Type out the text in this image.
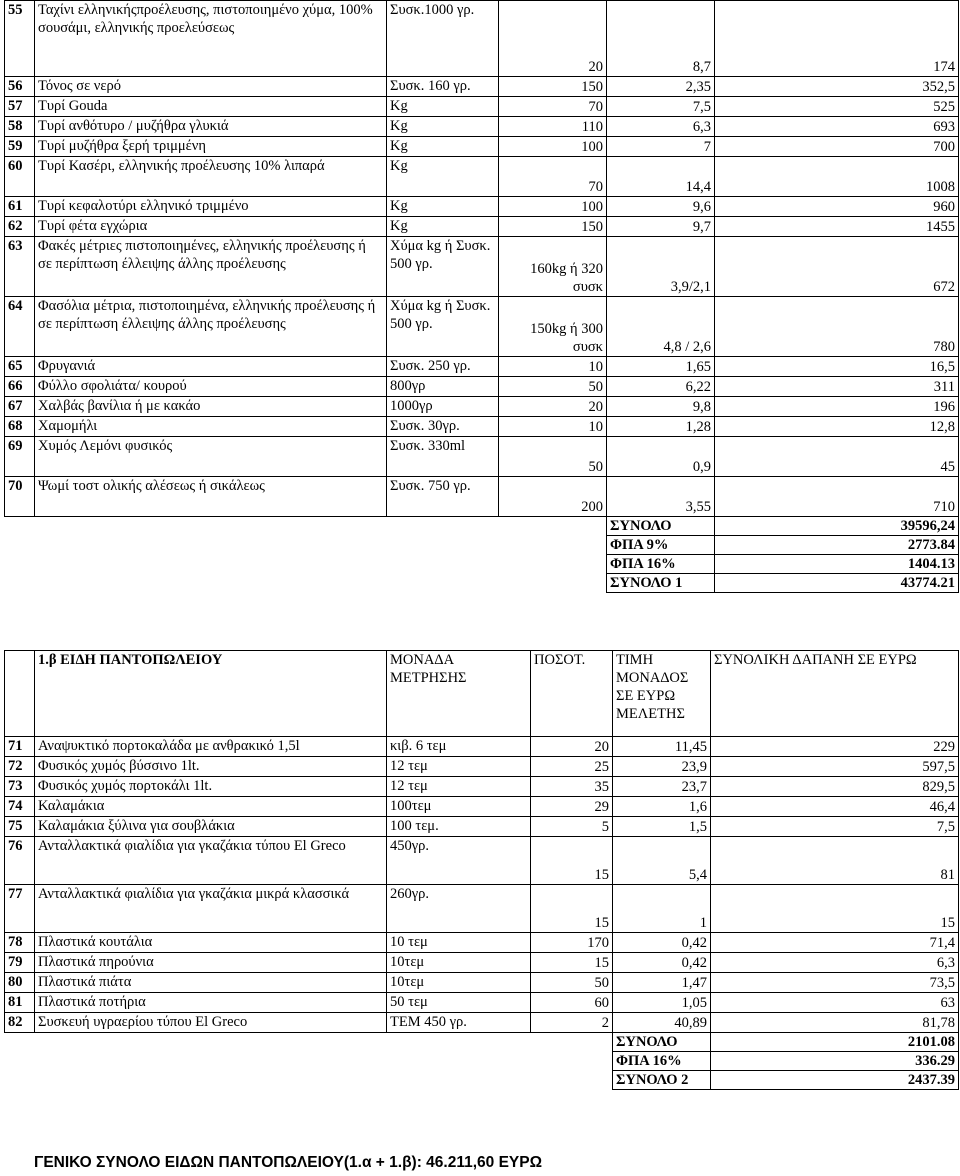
55	Ταχίνι ελληνικήςπροέλευσης, πιστοποιημένο χύμα, 100% σουσάμι, ελληνικής προελεύσεως	Συσκ.1000 γρ.	20	8,7	174
56	Τόνος σε νερό	Συσκ. 160 γρ.	150	2,35	352,5
57	Τυρί Gouda	Κg	70	7,5	525
58	Τυρί ανθότυρο / μυζήθρα γλυκιά	Κg	110	6,3	693
59	Τυρί μυζήθρα ξερή τριμμένη	Κg	100	7	700
60	Τυρί Κασέρι, ελληνικής προέλευσης 10% λιπαρά	Κg	70	14,4	1008
61	Τυρί κεφαλοτύρι ελληνικό τριμμένο	Κg	100	9,6	960
62	Τυρί φέτα εγχώρια	Κg	150	9,7	1455
63	Φακές μέτριες πιστοποιημένες, ελληνικής προέλευσης ή σε περίπτωση έλλειψης άλλης προέλευσης	Χύμα kg ή Συσκ. 500 γρ.	160kg ή 320 συσκ	3,9/2,1	672
64	Φασόλια μέτρια, πιστοποιημένα, ελληνικής προέλευσης ή σε περίπτωση έλλειψης άλλης προέλευσης	Χύμα kg ή Συσκ. 500 γρ.	150kg ή 300 συσκ	4,8 / 2,6	780
65	Φρυγανιά	Συσκ. 250 γρ.	10	1,65	16,5
66	Φύλλο σφολιάτα/ κουρού	800γρ	50	6,22	311
67	Χαλβάς βανίλια ή με κακάο	1000γρ	20	9,8	196
68	Χαμομήλι	Συσκ. 30γρ.	10	1,28	12,8
69	Χυμός Λεμόνι φυσικός	Συσκ. 330ml	50	0,9	45
70	Ψωμί τοστ ολικής αλέσεως ή σικάλεως	Συσκ. 750 γρ.	200	3,55	710
				ΣΥΝΟΛΟ	39596,24
				ΦΠΑ 9%	2773.84
				ΦΠΑ 16%	1404.13
				ΣΥΝΟΛΟ 1	43774.21
	1.β ΕΙΔΗ ΠΑΝΤΟΠΩΛΕΙΟΥ	ΜΟΝΑΔΑ ΜΕΤΡΗΣΗΣ	ΠΟΣΟΤ.	ΤΙΜΗ ΜΟΝΑΔΟΣ ΣΕ ΕΥΡΩ ΜΕΛΕΤΗΣ	ΣΥΝΟΛΙΚΗ ΔΑΠΑΝΗ ΣΕ ΕΥΡΩ
71	Αναψυκτικό πορτοκαλάδα με ανθρακικό 1,5l	κιβ. 6 τεμ	20	11,45	229
72	Φυσικός χυμός βύσσινο 1lt.	12 τεμ	25	23,9	597,5
73	Φυσικός χυμός πορτοκάλι 1lt.	12 τεμ	35	23,7	829,5
74	Καλαμάκια	100τεμ	29	1,6	46,4
75	Καλαμάκια ξύλινα για σουβλάκια	100 τεμ.	5	1,5	7,5
76	Ανταλλακτικά φιαλίδια για γκαζάκια τύπου El Greco	450γρ.	15	5,4	81
77	Ανταλλακτικά φιαλίδια για γκαζάκια μικρά κλασσικά	260γρ.	15	1	15
78	Πλαστικά κουτάλια	10 τεμ	170	0,42	71,4
79	Πλαστικά πηρούνια	10τεμ	15	0,42	6,3
80	Πλαστικά πιάτα	10τεμ	50	1,47	73,5
81	Πλαστικά ποτήρια	50 τεμ	60	1,05	63
82	Συσκευή υγραερίου τύπου El Greco	ΤΕΜ 450 γρ.	2	40,89	81,78
				ΣΥΝΟΛΟ	2101.08
				ΦΠΑ 16%	336.29
				ΣΥΝΟΛΟ 2	2437.39
ΓΕΝΙΚΟ ΣΥΝΟΛΟ ΕΙΔΩΝ ΠΑΝΤΟΠΩΛΕΙΟΥ(1.α + 1.β): 46.211,60 ΕΥΡΩ
